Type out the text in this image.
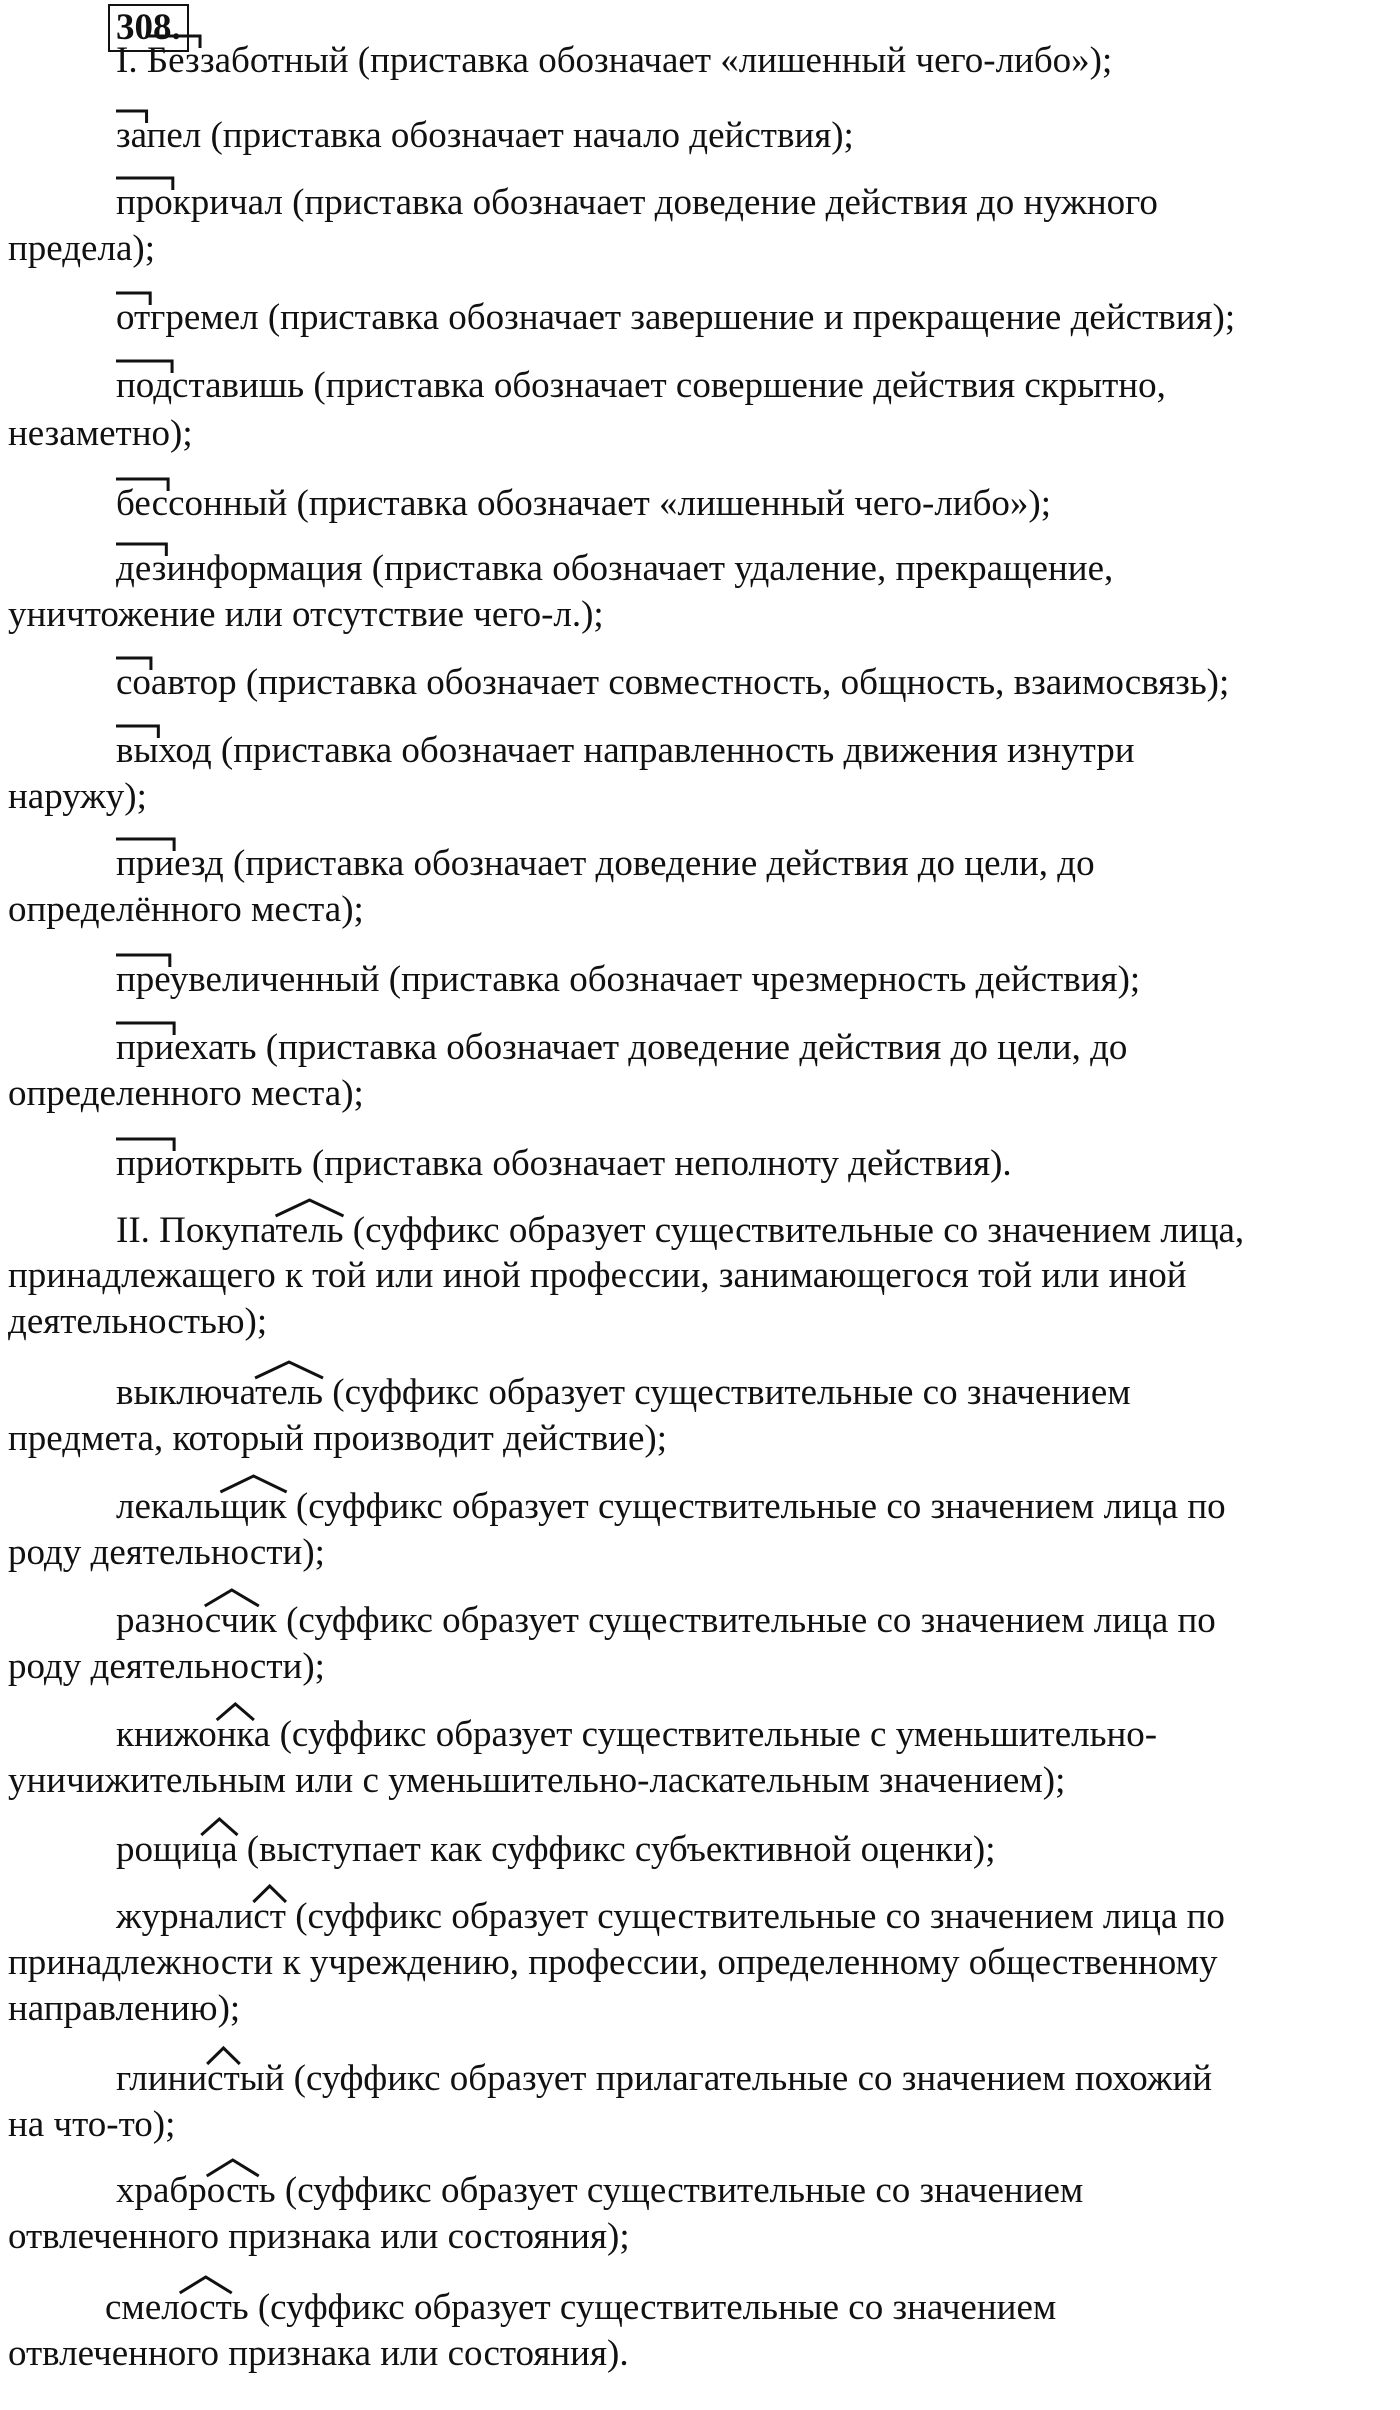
308.
I. Беззаботный (приставка обозначает «лишенный чего-либо»);
запел (приставка обозначает начало действия);
прокричал (приставка обозначает доведение действия до нужного
предела);
отгремел (приставка обозначает завершение и прекращение действия);
подставишь (приставка обозначает совершение действия скрытно,
незаметно);
бессонный (приставка обозначает «лишенный чего-либо»);
дезинформация (приставка обозначает удаление, прекращение,
уничтожение или отсутствие чего-л.);
соавтор (приставка обозначает совместность, общность, взаимосвязь);
выход (приставка обозначает направленность движения изнутри
наружу);
приезд (приставка обозначает доведение действия до цели, до
определённого места);
преувеличенный (приставка обозначает чрезмерность действия);
приехать (приставка обозначает доведение действия до цели, до
определенного места);
приоткрыть (приставка обозначает неполноту действия).
II. Покупатель (суффикс образует существительные со значением лица,
принадлежащего к той или иной профессии, занимающегося той или иной
деятельностью);
выключатель (суффикс образует существительные со значением
предмета, который производит действие);
лекальщик (суффикс образует существительные со значением лица по
роду деятельности);
разносчик (суффикс образует существительные со значением лица по
роду деятельности);
книжонка (суффикс образует существительные с уменьшительно-
уничижительным или с уменьшительно-ласкательным значением);
рощица (выступает как суффикс субъективной оценки);
журналист (суффикс образует существительные со значением лица по
принадлежности к учреждению, профессии, определенному общественному
направлению);
глинистый (суффикс образует прилагательные со значением похожий
на что-то);
храбрость (суффикс образует существительные со значением
отвлеченного признака или состояния);
смелость (суффикс образует существительные со значением
отвлеченного признака или состояния).
